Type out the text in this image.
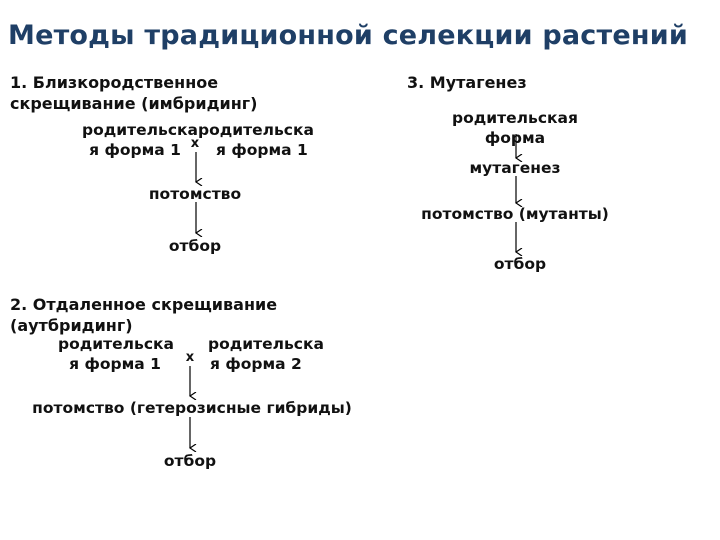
Методы традиционной селекции растений
1. Близкородственное
скрещивание (имбридинг)
родительска
я форма 1
родительска
я форма 1
х
потомство
отбор
2. Отдаленное скрещивание
(аутбридинг)
родительска
я форма 1
родительска
я форма 2
х
потомство (гетерозисные гибриды)
отбор
3. Мутагенез
родительская
форма
мутагенез
потомство (мутанты)
отбор
